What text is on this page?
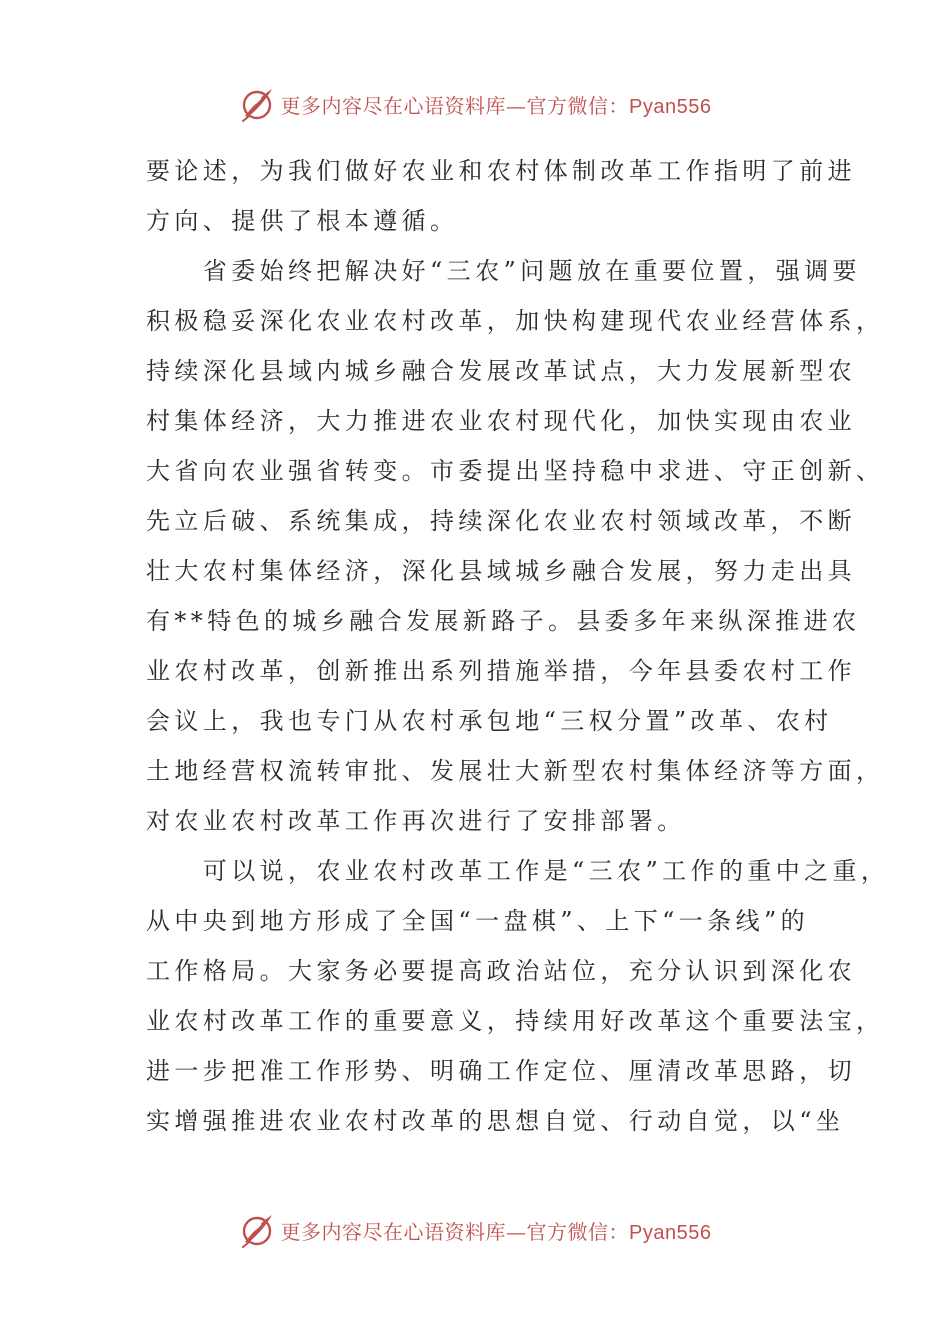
更多内容尽在心语资料库—官方微信：Pyan556
要论述，为我们做好农业和农村体制改革工作指明了前进
方向、提供了根本遵循。
　　省委始终把解决好“三农”问题放在重要位置，强调要
积极稳妥深化农业农村改革，加快构建现代农业经营体系，
持续深化县域内城乡融合发展改革试点，大力发展新型农
村集体经济，大力推进农业农村现代化，加快实现由农业
大省向农业强省转变。市委提出坚持稳中求进、守正创新、
先立后破、系统集成，持续深化农业农村领域改革，不断
壮大农村集体经济，深化县域城乡融合发展，努力走出具
有**特色的城乡融合发展新路子。县委多年来纵深推进农
业农村改革，创新推出系列措施举措，今年县委农村工作
会议上，我也专门从农村承包地“三权分置”改革、农村
土地经营权流转审批、发展壮大新型农村集体经济等方面，
对农业农村改革工作再次进行了安排部署。
　　可以说，农业农村改革工作是“三农”工作的重中之重，
从中央到地方形成了全国“一盘棋”、上下“一条线”的
工作格局。大家务必要提高政治站位，充分认识到深化农
业农村改革工作的重要意义，持续用好改革这个重要法宝，
进一步把准工作形势、明确工作定位、厘清改革思路，切
实增强推进农业农村改革的思想自觉、行动自觉，以“坐
更多内容尽在心语资料库—官方微信：Pyan556
